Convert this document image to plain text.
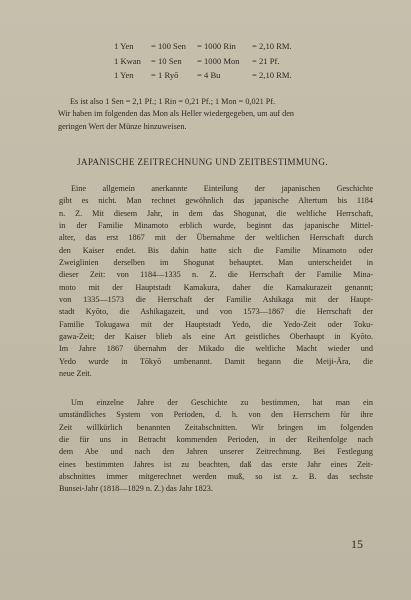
1 Yen	= 100 Sen	= 1000 Rin	= 2,10 RM.
1 Kwan	= 10 Sen	= 1000 Mon	= 21 Pf.
1 Yen	= 1 Ryō	= 4 Bu	= 2,10 RM.
Es ist also 1 Sen = 2,1 Pf.; 1 Rin = 0,21 Pf.; 1 Mon = 0,021 Pf.
Wir haben im folgenden das Mon als Heller wiedergegeben, um auf den
geringen Wert der Münze hinzuweisen.
JAPANISCHE ZEITRECHNUNG UND ZEITBESTIMMUNG.
Eine allgemein anerkannte Einteilung der japanischen Geschichte
gibt es nicht. Man rechnet gewöhnlich das japanische Altertum bis 1184
n. Z. Mit diesem Jahr, in dem das Shogunat, die weltliche Herrschaft,
in der Familie Minamoto erblich wurde, beginnt das japanische Mittel-
alter, das erst 1867 mit der Übernahme der weltlichen Herrschaft durch
den Kaiser endet. Bis dahin hatte sich die Familie Minamoto oder
Zweiglinien derselben im Shogunat behauptet. Man unterscheidet in
dieser Zeit: von 1184—1335 n. Z. die Herrschaft der Familie Mina-
moto mit der Hauptstadt Kamakura, daher die Kamakurazeit genannt;
von 1335—1573 die Herrschaft der Familie Ashikaga mit der Haupt-
stadt Kyōto, die Ashikagazeit, und von 1573—1867 die Herrschaft der
Familie Tokugawa mit der Hauptstadt Yedo, die Yedo-Zeit oder Toku-
gawa-Zeit; der Kaiser blieb als eine Art geistliches Oberhaupt in Kyōto.
Im Jahre 1867 übernahm der Mikado die weltliche Macht wieder und
Yedo wurde in Tōkyō umbenannt. Damit begann die Meiji-Ära, die
neue Zeit.
Um einzelne Jahre der Geschichte zu bestimmen, hat man ein
umständliches System von Perioden, d. h. von den Herrschern für ihre
Zeit willkürlich benannten Zeitabschnitten. Wir bringen im folgenden
die für uns in Betracht kommenden Perioden, in der Reihenfolge nach
dem Abe und nach den Jahren unserer Zeitrechnung. Bei Festlegung
eines bestimmten Jahres ist zu beachten, daß das erste Jahr eines Zeit-
abschnittes immer mitgerechnet werden muß, so ist z. B. das sechste
Bunsei-Jahr (1818—1829 n. Z.) das Jahr 1823.
15
